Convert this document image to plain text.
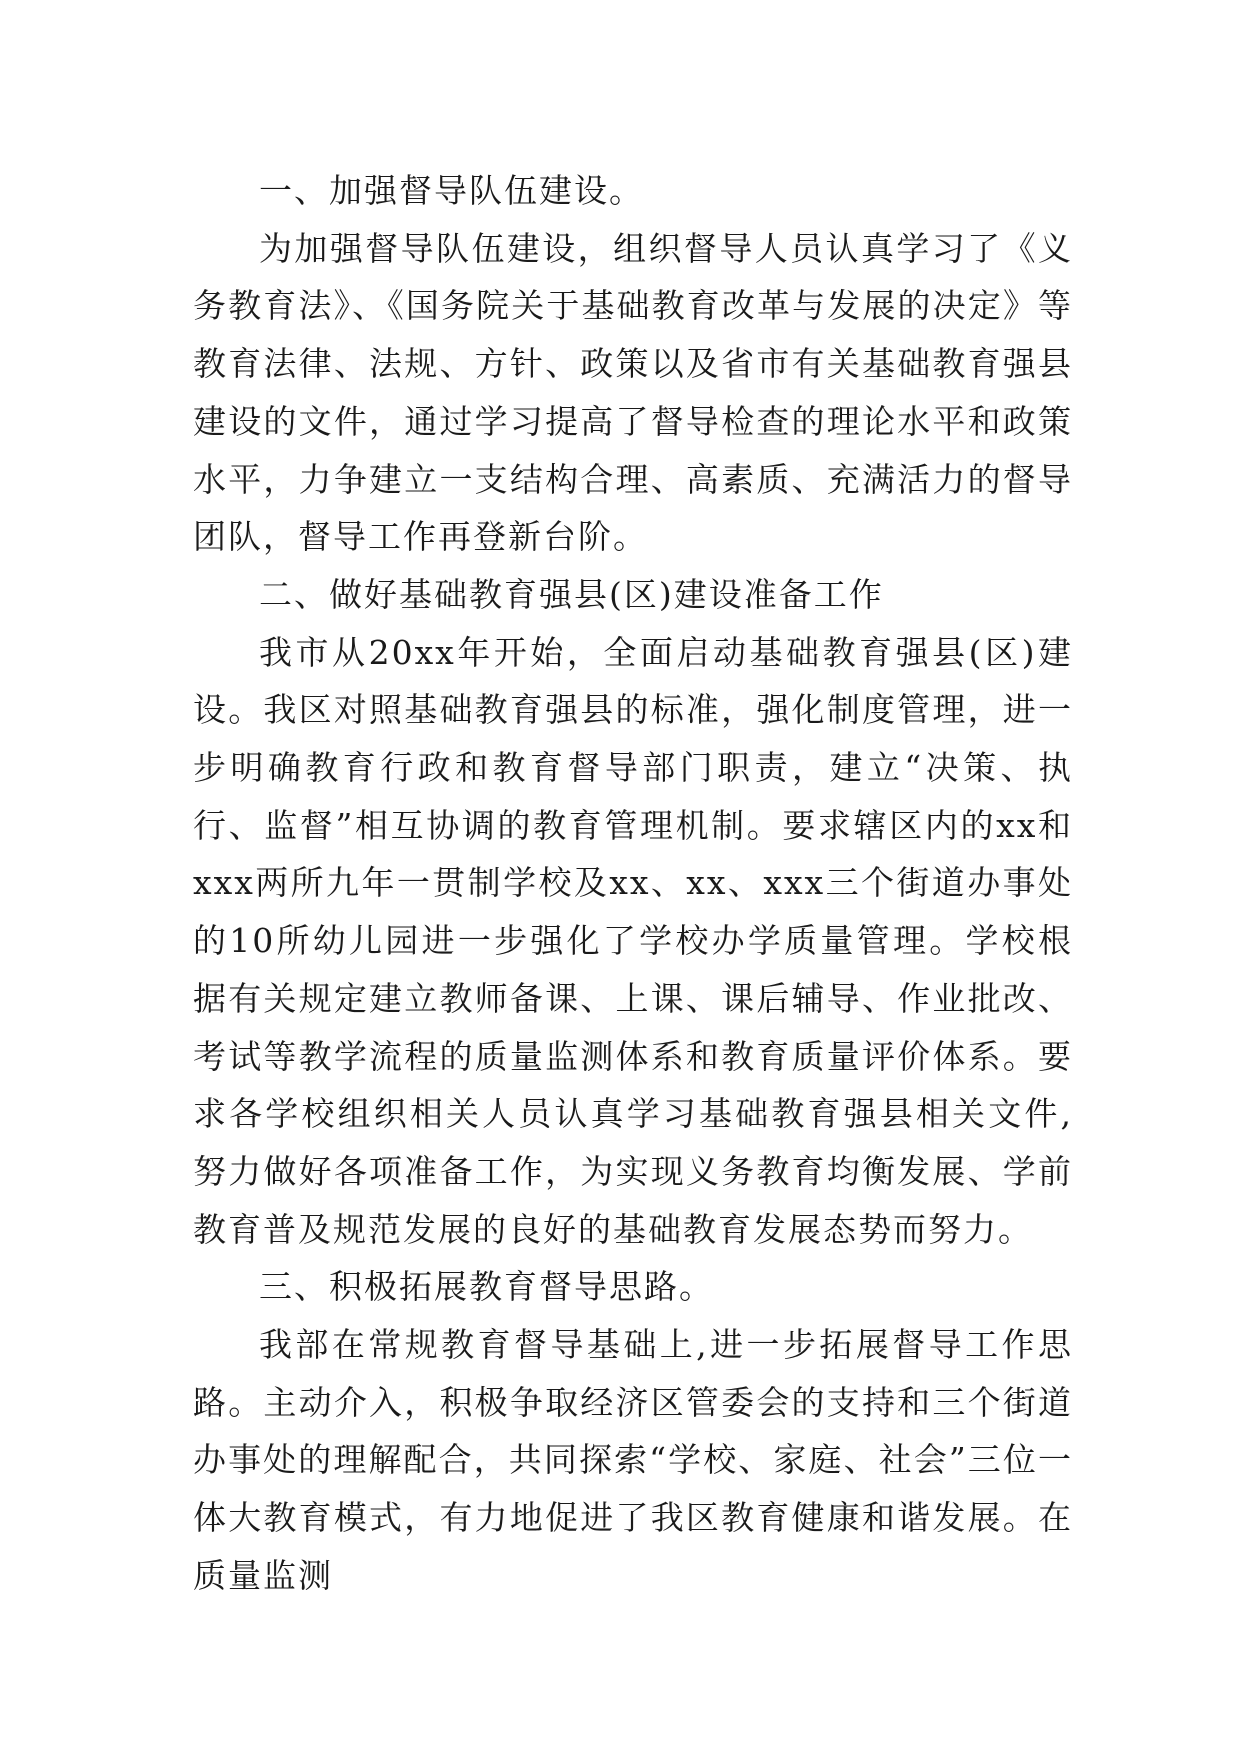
一、加强督导队伍建设。

为加强督导队伍建设，组织督导人员认真学习了《义务教育法》、《国务院关于基础教育改革与发展的决定》等教育法律、法规、方针、政策以及省市有关基础教育强县建设的文件，通过学习提高了督导检查的理论水平和政策水平，力争建立一支结构合理、高素质、充满活力的督导团队，督导工作再登新台阶。

二、做好基础教育强县(区)建设准备工作

我市从20xx年开始，全面启动基础教育强县(区)建设。我区对照基础教育强县的标准，强化制度管理，进一步明确教育行政和教育督导部门职责，建立“决策、执行、监督”相互协调的教育管理机制。要求辖区内的xx和xxx两所九年一贯制学校及xx、xx、xxx三个街道办事处的10所幼儿园进一步强化了学校办学质量管理。学校根据有关规定建立教师备课、上课、课后辅导、作业批改、考试等教学流程的质量监测体系和教育质量评价体系。要求各学校组织相关人员认真学习基础教育强县相关文件,努力做好各项准备工作，为实现义务教育均衡发展、学前教育普及规范发展的良好的基础教育发展态势而努力。

三、积极拓展教育督导思路。

我部在常规教育督导基础上,进一步拓展督导工作思路。主动介入，积极争取经济区管委会的支持和三个街道办事处的理解配合，共同探索“学校、家庭、社会”三位一体大教育模式，有力地促进了我区教育健康和谐发展。在质量监测
